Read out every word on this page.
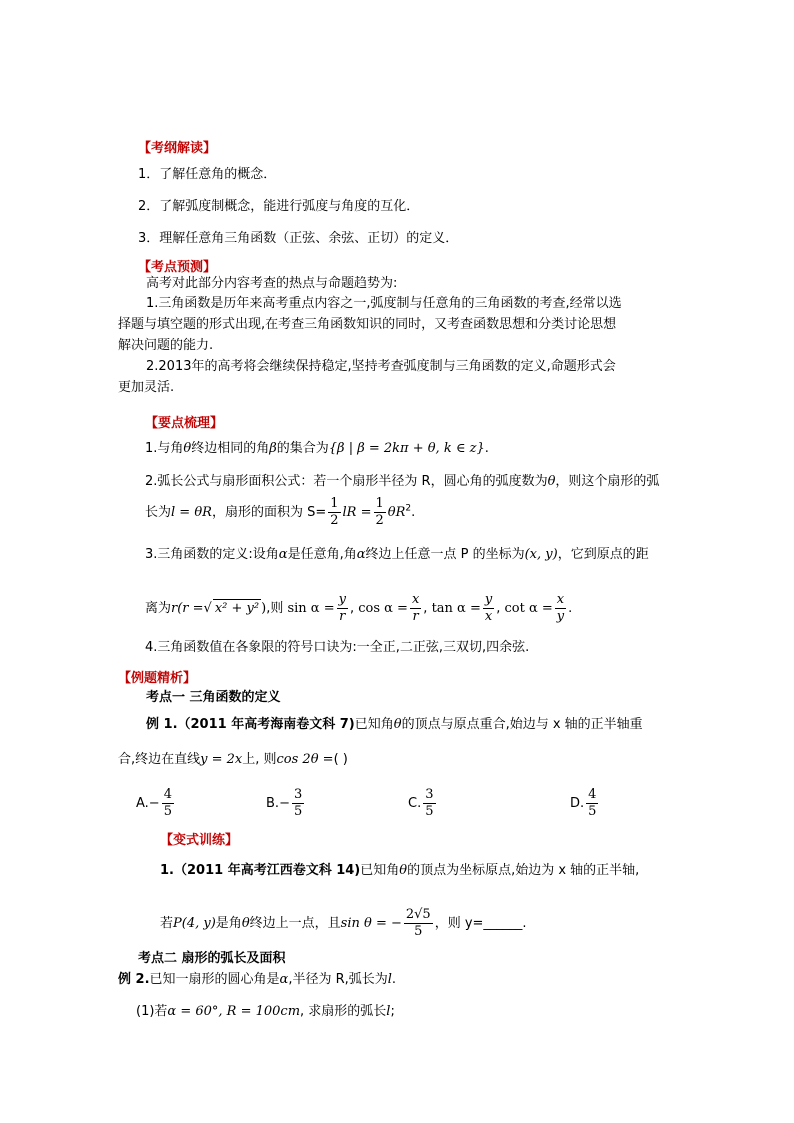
【考纲解读】
1．了解任意角的概念．
2．了解弧度制概念，能进行弧度与角度的互化．
3．理解任意角三角函数（正弦、余弦、正切）的定义．
【考点预测】
高考对此部分内容考查的热点与命题趋势为:
1.三角函数是历年来高考重点内容之一,弧度制与任意角的三角函数的考查,经常以选
择题与填空题的形式出现,在考查三角函数知识的同时，又考查函数思想和分类讨论思想
解决问题的能力.
2.2013年的高考将会继续保持稳定,坚持考查弧度制与三角函数的定义,命题形式会
更加灵活.
【要点梳理】
1.与角θ终边相同的角β的集合为{β | β = 2kπ + θ, k ∈ z}.
2.弧长公式与扇形面积公式：若一个扇形半径为 R，圆心角的弧度数为θ，则这个扇形的弧
长为l = θR，扇形的面积为 $S= \frac{1}{2}$ lR = $\frac{1}{2} \theta R^2$.
3.三角函数的定义:设角α是任意角,角α终边上任意一点 P 的坐标为(x, y)，它到原点的距
离为r(r =√ x² + y² ),则 $\sin \alpha = \frac{y}{r}$ , $\cos \alpha = \frac{x}{r}$ , $\tan \alpha = \frac{y}{x}$ , $\cot \alpha = \frac{x}{y}$ .
4.三角函数值在各象限的符号口诀为:一全正,二正弦,三双切,四余弦.
【例题精析】
考点一 三角函数的定义
例 1.（2011 年高考海南卷文科 7)已知角θ的顶点与原点重合,始边与 x 轴的正半轴重
合,终边在直线y = 2x上, 则cos 2θ =( )
$A.- \frac{4}{5}$	$B.- \frac{3}{5}$	C. $\frac{3}{5}$	D. $\frac{4}{5}$
【变式训练】
1.（2011 年高考江西卷文科 14)已知角θ的顶点为坐标原点,始边为 x 轴的正半轴,
若P(4, y)是角θ终边上一点，且sin θ = − $\frac{2√5}{5}$ ，则 y=______.
考点二 扇形的弧长及面积
例 2.已知一扇形的圆心角是α,半径为 R,弧长为l.
(1)若α = 60°, R = 100cm, 求扇形的弧长l;
